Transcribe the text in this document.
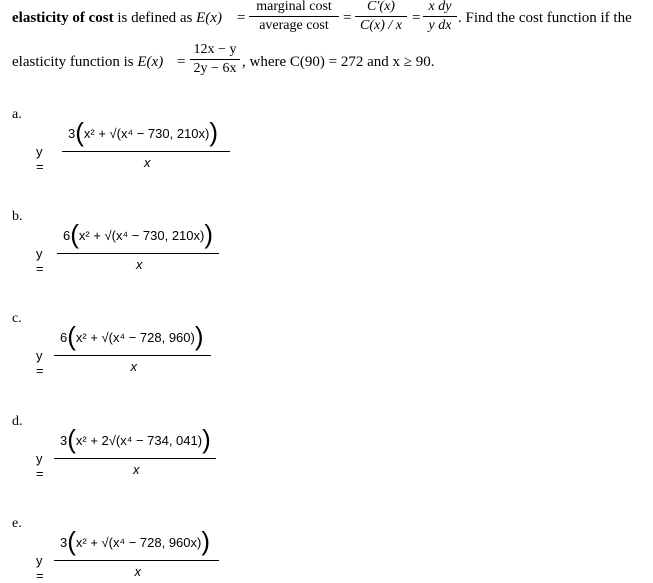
elasticity of cost is defined as E(x) =
marginal cost
average cost =
C′(x)
C(x) / x =
x dy
y dx . Find the cost function if the
elasticity function is E(x) =
12x − y
2y − 6x , where C(90) = 272 and x ≥ 90.
a.
y =
3(x² + √(x⁴ − 730, 210x))
x
b.
y =
6(x² + √(x⁴ − 730, 210x))
x
c.
y =
6(x² + √(x⁴ − 728, 960))
x
d.
y =
3(x² + 2√(x⁴ − 734, 041))
x
e.
y =
3(x² + √(x⁴ − 728, 960x))
x
